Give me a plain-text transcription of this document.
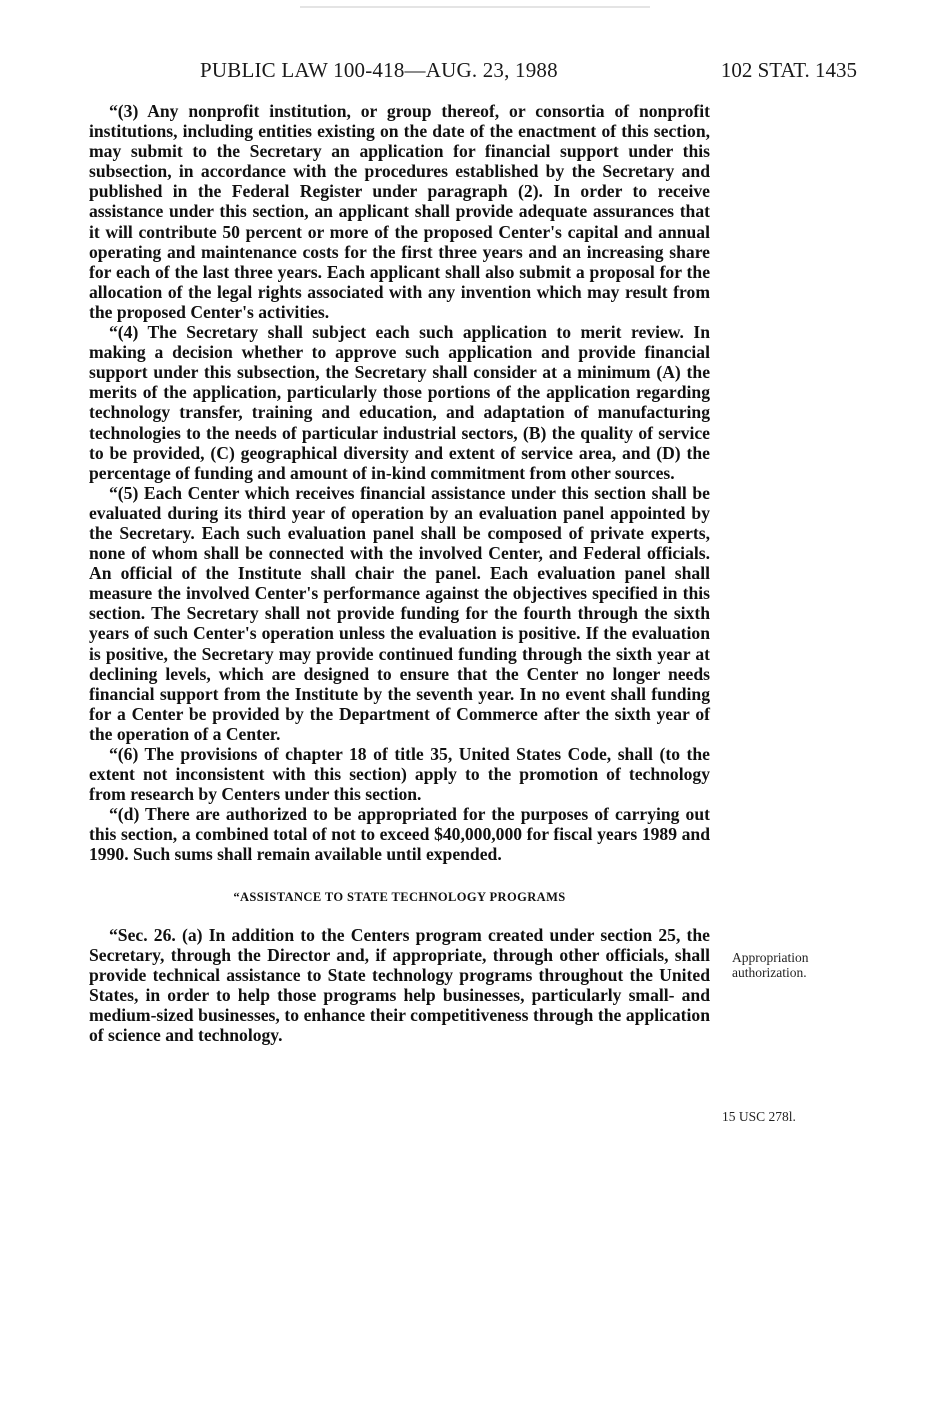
PUBLIC LAW 100-418—AUG. 23, 1988	102 STAT. 1435

“(3) Any nonprofit institution, or group thereof, or consortia of nonprofit institutions, including entities existing on the date of the enactment of this section, may submit to the Secretary an application for financial support under this subsection, in accordance with the procedures established by the Secretary and published in the Federal Register under paragraph (2). In order to receive assistance under this section, an applicant shall provide adequate assurances that it will contribute 50 percent or more of the proposed Center's capital and annual operating and maintenance costs for the first three years and an increasing share for each of the last three years. Each applicant shall also submit a proposal for the allocation of the legal rights associated with any invention which may result from the proposed Center's activities.

“(4) The Secretary shall subject each such application to merit review. In making a decision whether to approve such application and provide financial support under this subsection, the Secretary shall consider at a minimum (A) the merits of the application, particularly those portions of the application regarding technology transfer, training and education, and adaptation of manufacturing technologies to the needs of particular industrial sectors, (B) the quality of service to be provided, (C) geographical diversity and extent of service area, and (D) the percentage of funding and amount of in-kind commitment from other sources.

“(5) Each Center which receives financial assistance under this section shall be evaluated during its third year of operation by an evaluation panel appointed by the Secretary. Each such evaluation panel shall be composed of private experts, none of whom shall be connected with the involved Center, and Federal officials. An official of the Institute shall chair the panel. Each evaluation panel shall measure the involved Center's performance against the objectives specified in this section. The Secretary shall not provide funding for the fourth through the sixth years of such Center's operation unless the evaluation is positive. If the evaluation is positive, the Secretary may provide continued funding through the sixth year at declining levels, which are designed to ensure that the Center no longer needs financial support from the Institute by the seventh year. In no event shall funding for a Center be provided by the Department of Commerce after the sixth year of the operation of a Center.

“(6) The provisions of chapter 18 of title 35, United States Code, shall (to the extent not inconsistent with this section) apply to the promotion of technology from research by Centers under this section.

“(d) There are authorized to be appropriated for the purposes of carrying out this section, a combined total of not to exceed $40,000,000 for fiscal years 1989 and 1990. Such sums shall remain available until expended.

“ASSISTANCE TO STATE TECHNOLOGY PROGRAMS

“Sec. 26. (a) In addition to the Centers program created under section 25, the Secretary, through the Director and, if appropriate, through other officials, shall provide technical assistance to State technology programs throughout the United States, in order to help those programs help businesses, particularly small- and medium-sized businesses, to enhance their competitiveness through the application of science and technology.

Appropriation
authorization.
15 USC 278l.
